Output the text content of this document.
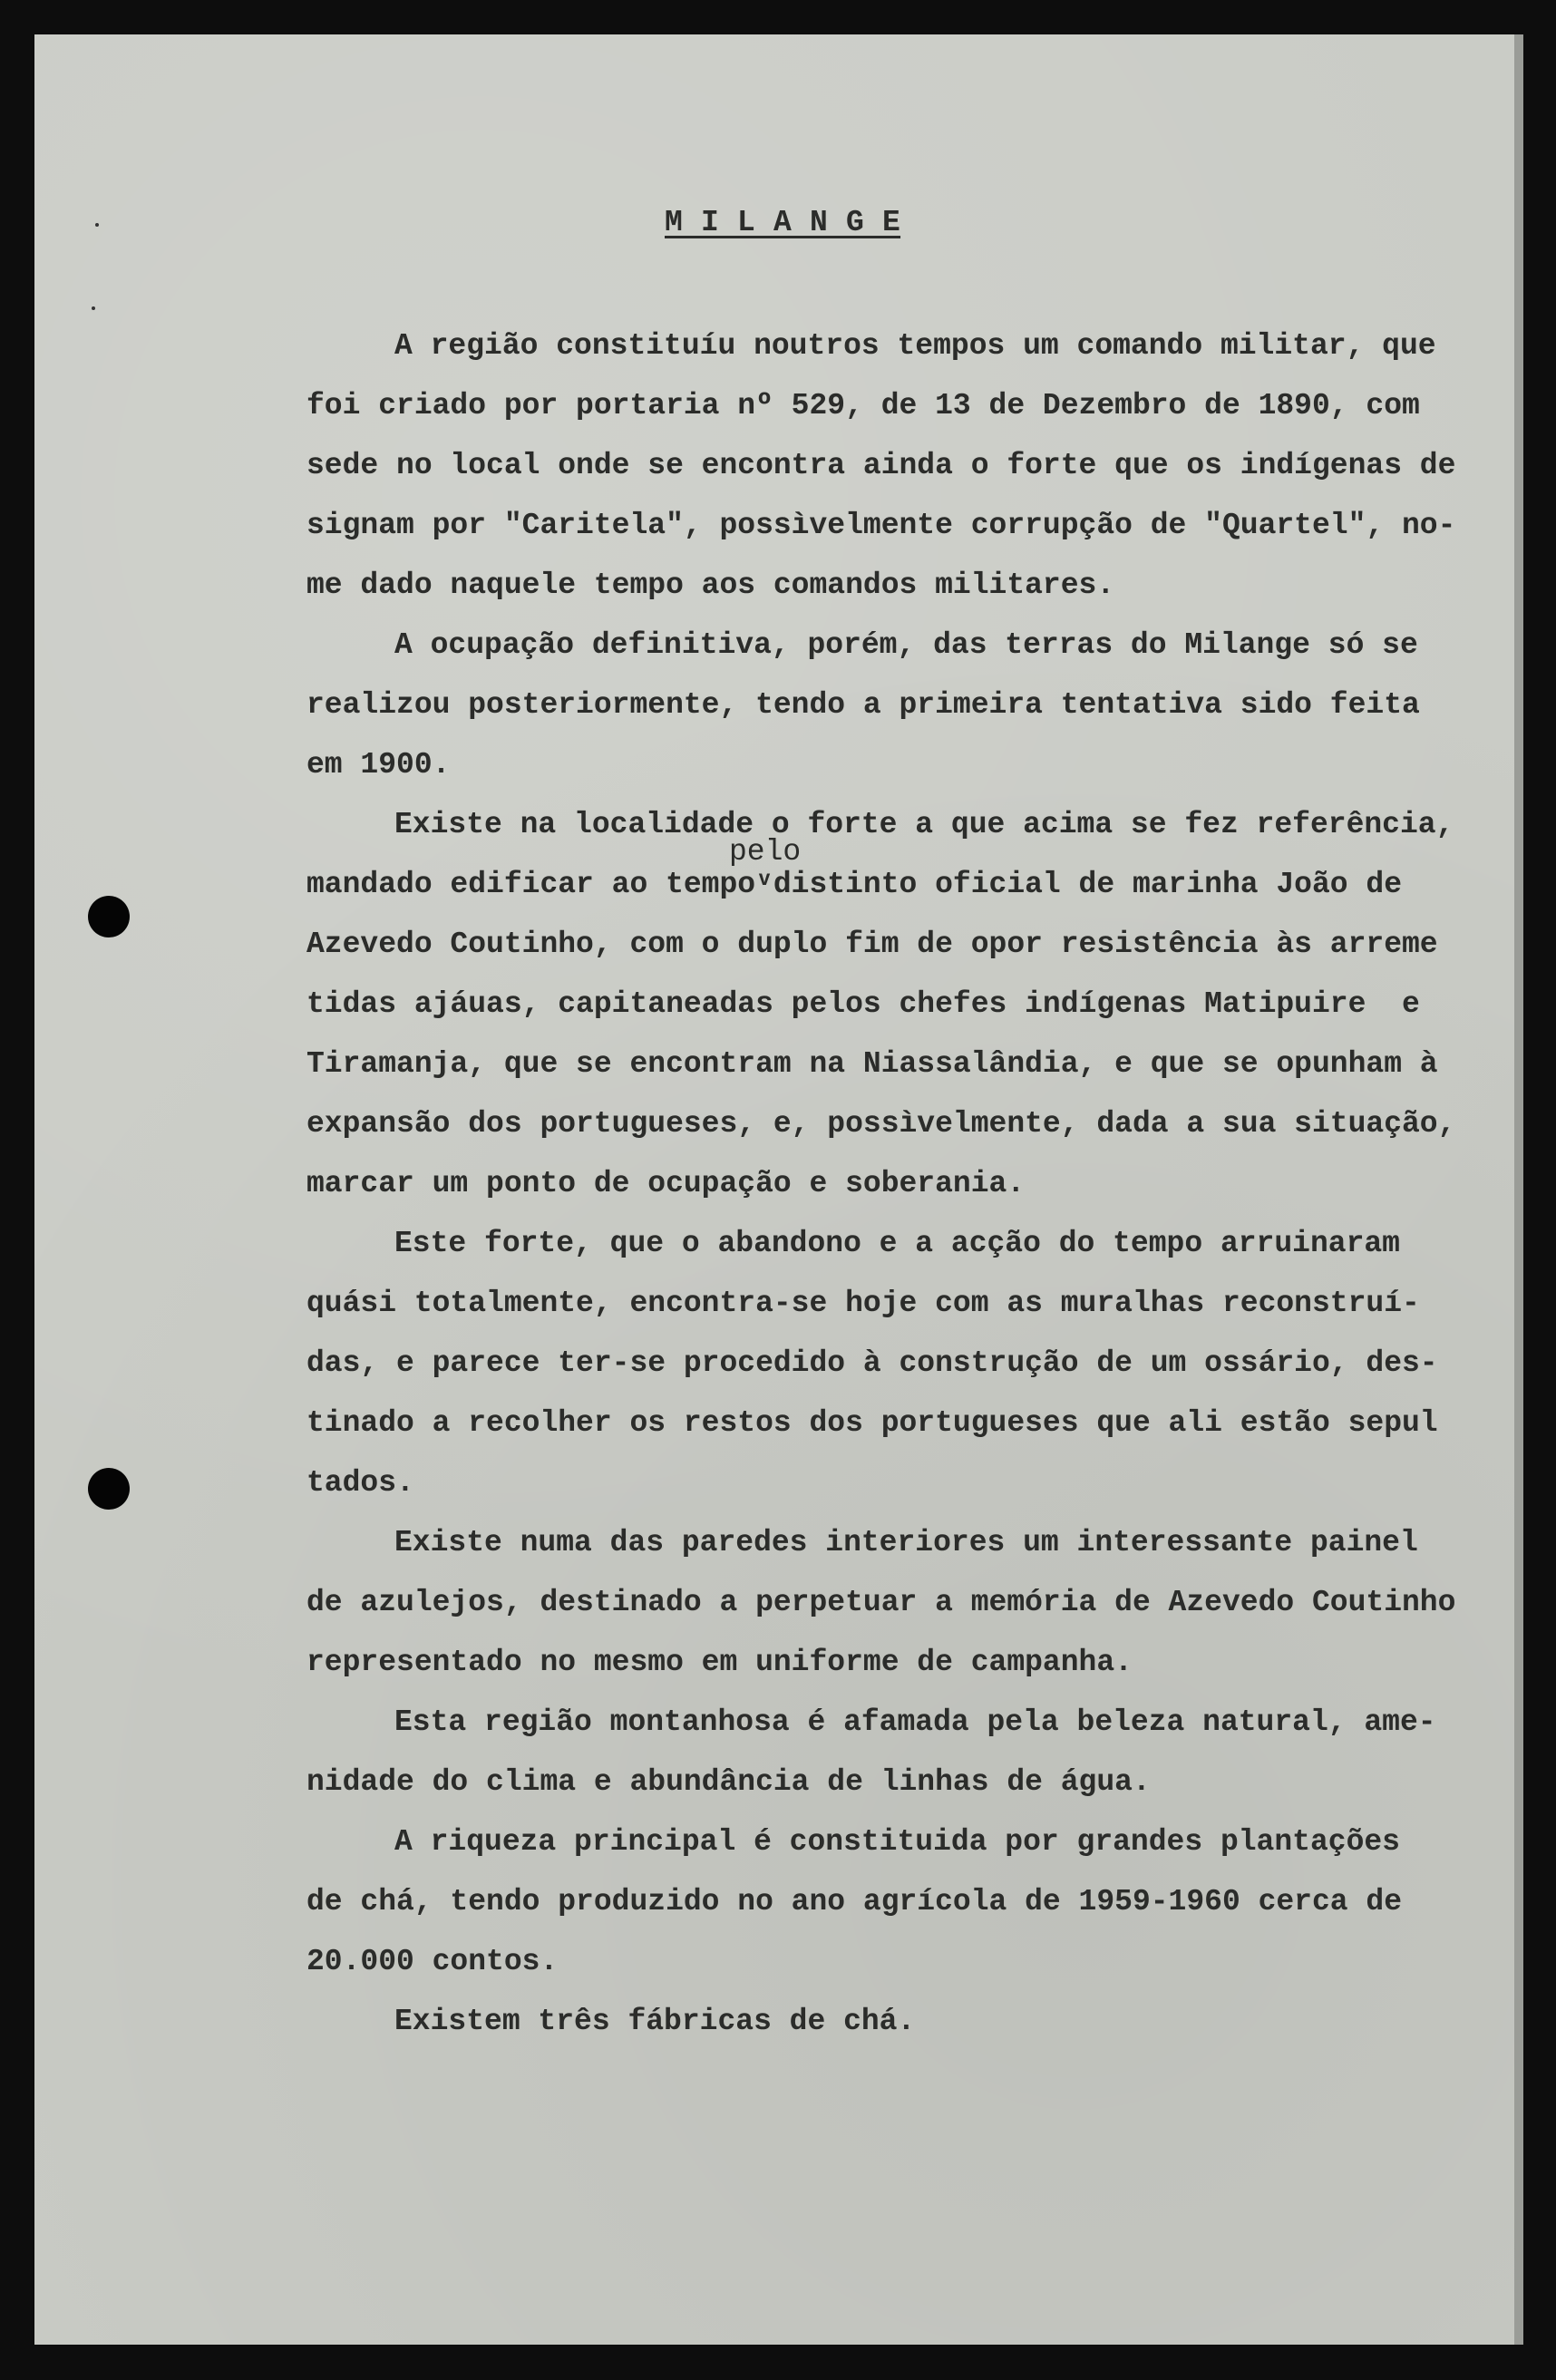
M I L A N G E
A região constituíu noutros tempos um comando militar, que
foi criado por portaria nº 529, de 13 de Dezembro de 1890, com
sede no local onde se encontra ainda o forte que os indígenas de
signam por "Caritela", possìvelmente corrupção de "Quartel", no-
me dado naquele tempo aos comandos militares.
A ocupação definitiva, porém, das terras do Milange só se
realizou posteriormente, tendo a primeira tentativa sido feita
em 1900.
Existe na localidade o forte a que acima se fez referência,
mandado edificar ao tempoᵛdistinto oficial de marinha João de
pelo
Azevedo Coutinho, com o duplo fim de opor resistência às arreme
tidas ajáuas, capitaneadas pelos chefes indígenas Matipuire  e
Tiramanja, que se encontram na Niassalândia, e que se opunham à
expansão dos portugueses, e, possìvelmente, dada a sua situação,
marcar um ponto de ocupação e soberania.
Este forte, que o abandono e a acção do tempo arruinaram
quási totalmente, encontra-se hoje com as muralhas reconstruí-
das, e parece ter-se procedido à construção de um ossário, des-
tinado a recolher os restos dos portugueses que ali estão sepul
tados.
Existe numa das paredes interiores um interessante painel
de azulejos, destinado a perpetuar a memória de Azevedo Coutinho
representado no mesmo em uniforme de campanha.
Esta região montanhosa é afamada pela beleza natural, ame-
nidade do clima e abundância de linhas de água.
A riqueza principal é constituida por grandes plantações
de chá, tendo produzido no ano agrícola de 1959-1960 cerca de
20.000 contos.
Existem três fábricas de chá.
